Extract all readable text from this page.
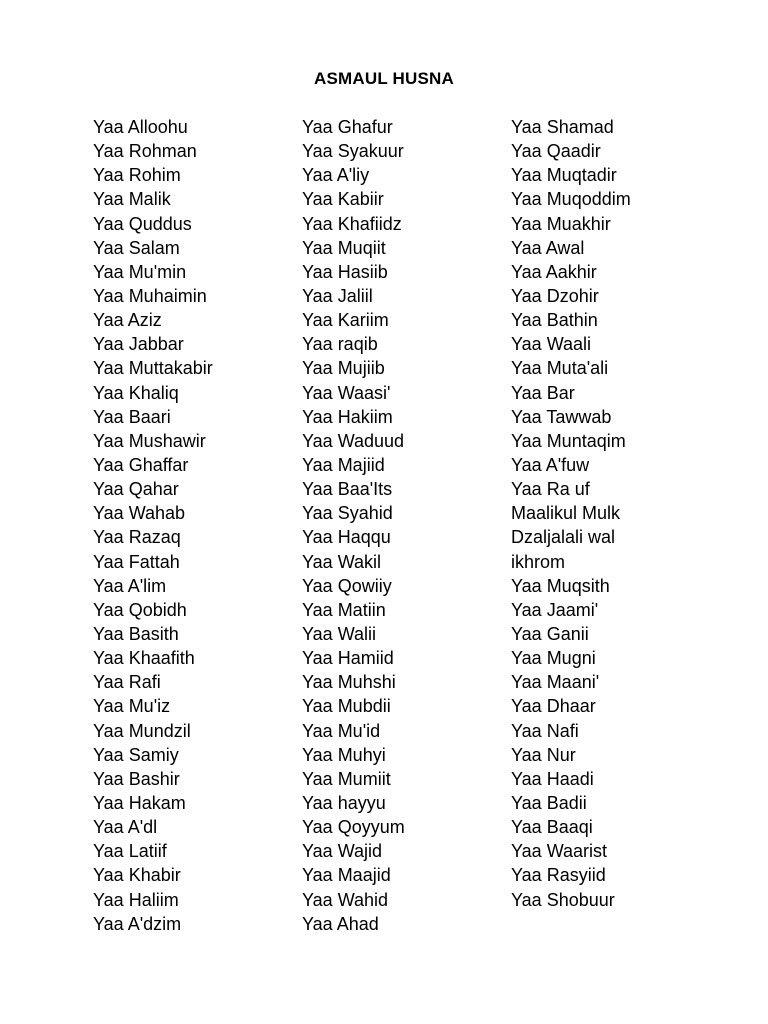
ASMAUL HUSNA
Yaa Alloohu
Yaa Rohman
Yaa Rohim
Yaa Malik
Yaa Quddus
Yaa Salam
Yaa Mu'min
Yaa Muhaimin
Yaa Aziz
Yaa Jabbar
Yaa Muttakabir
Yaa Khaliq
Yaa Baari
Yaa Mushawir
Yaa Ghaffar
Yaa Qahar
Yaa Wahab
Yaa Razaq
Yaa Fattah
Yaa A'lim
Yaa Qobidh
Yaa Basith
Yaa Khaafith
Yaa Rafi
Yaa Mu'iz
Yaa Mundzil
Yaa Samiy
Yaa Bashir
Yaa Hakam
Yaa A'dl
Yaa Latiif
Yaa Khabir
Yaa Haliim
Yaa A'dzim
Yaa Ghafur
Yaa Syakuur
Yaa A'liy
Yaa Kabiir
Yaa Khafiidz
Yaa Muqiit
Yaa Hasiib
Yaa Jaliil
Yaa Kariim
Yaa raqib
Yaa Mujiib
Yaa Waasi'
Yaa Hakiim
Yaa Waduud
Yaa Majiid
Yaa Baa'Its
Yaa Syahid
Yaa Haqqu
Yaa Wakil
Yaa Qowiiy
Yaa Matiin
Yaa Walii
Yaa Hamiid
Yaa Muhshi
Yaa Mubdii
Yaa Mu'id
Yaa Muhyi
Yaa Mumiit
Yaa hayyu
Yaa Qoyyum
Yaa Wajid
Yaa Maajid
Yaa Wahid
Yaa Ahad
Yaa Shamad
Yaa Qaadir
Yaa Muqtadir
Yaa Muqoddim
Yaa Muakhir
Yaa Awal
Yaa Aakhir
Yaa Dzohir
Yaa Bathin
Yaa Waali
Yaa Muta'ali
Yaa Bar
Yaa Tawwab
Yaa Muntaqim
Yaa A'fuw
Yaa Ra uf
Maalikul Mulk
Dzaljalali wal
ikhrom
Yaa Muqsith
Yaa Jaami'
Yaa Ganii
Yaa Mugni
Yaa Maani'
Yaa Dhaar
Yaa Nafi
Yaa Nur
Yaa Haadi
Yaa Badii
Yaa Baaqi
Yaa Waarist
Yaa Rasyiid
Yaa Shobuur
